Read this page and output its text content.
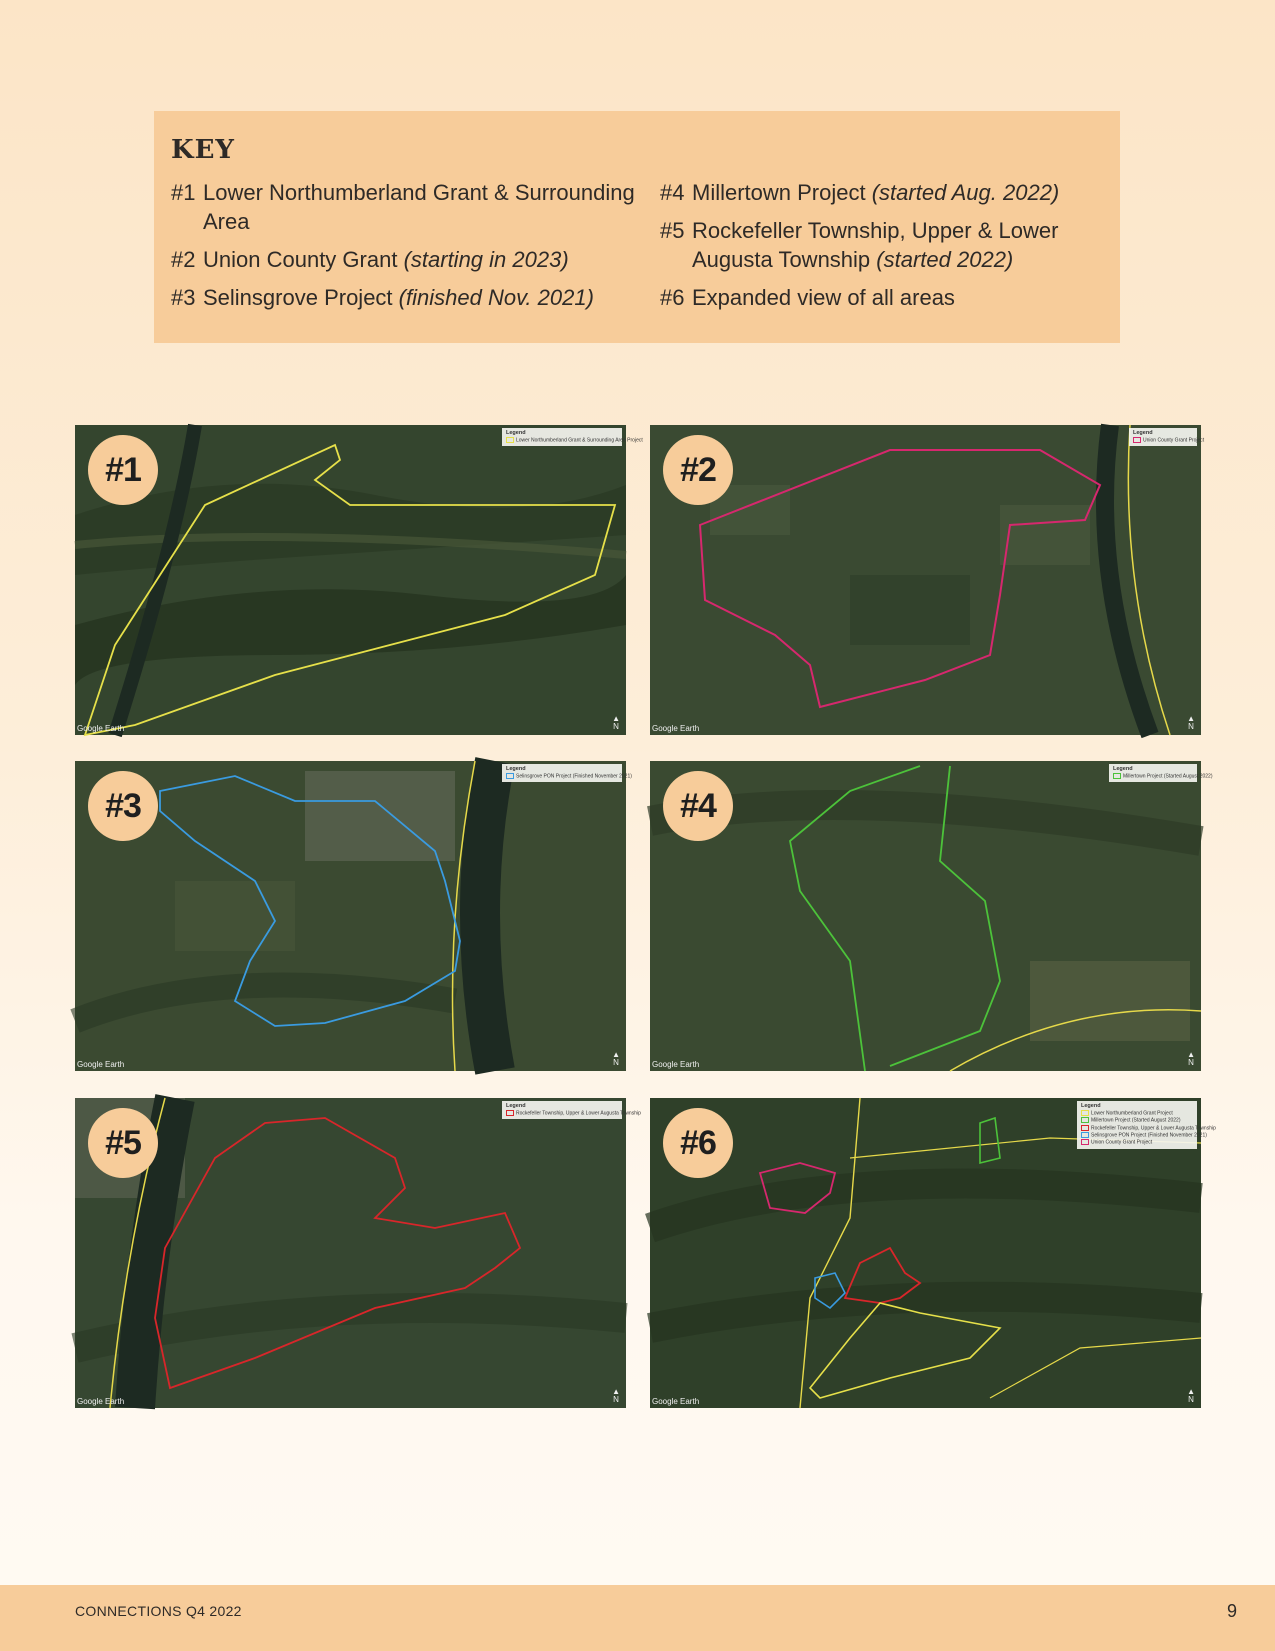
KEY
#1 Lower Northumberland Grant & Surrounding Area
#2 Union County Grant (starting in 2023)
#3 Selinsgrove Project (finished Nov. 2021)
#4 Millertown Project (started Aug. 2022)
#5 Rockefeller Township, Upper & Lower Augusta Township (started 2022)
#6 Expanded view of all areas
#1
Legend
Lower Northumberland Grant & Surrounding Area Project
Google Earth
▲
N
#2
Legend
Union County Grant Project
Google Earth
▲
N
#3
Legend
Selinsgrove PON Project (Finished November 2021)
Google Earth
▲
N
#4
Legend
Millertown Project (Started August 2022)
Google Earth
▲
N
#5
Legend
Rockefeller Township, Upper & Lower Augusta Township
Google Earth
▲
N
#6
Legend
Lower Northumberland Grant Project
Millertown Project (Started August 2022)
Rockefeller Township, Upper & Lower Augusta Township
Selinsgrove PON Project (Finished November 2021)
Union County Grant Project
Google Earth
▲
N
CONNECTIONS Q4 2022	9
